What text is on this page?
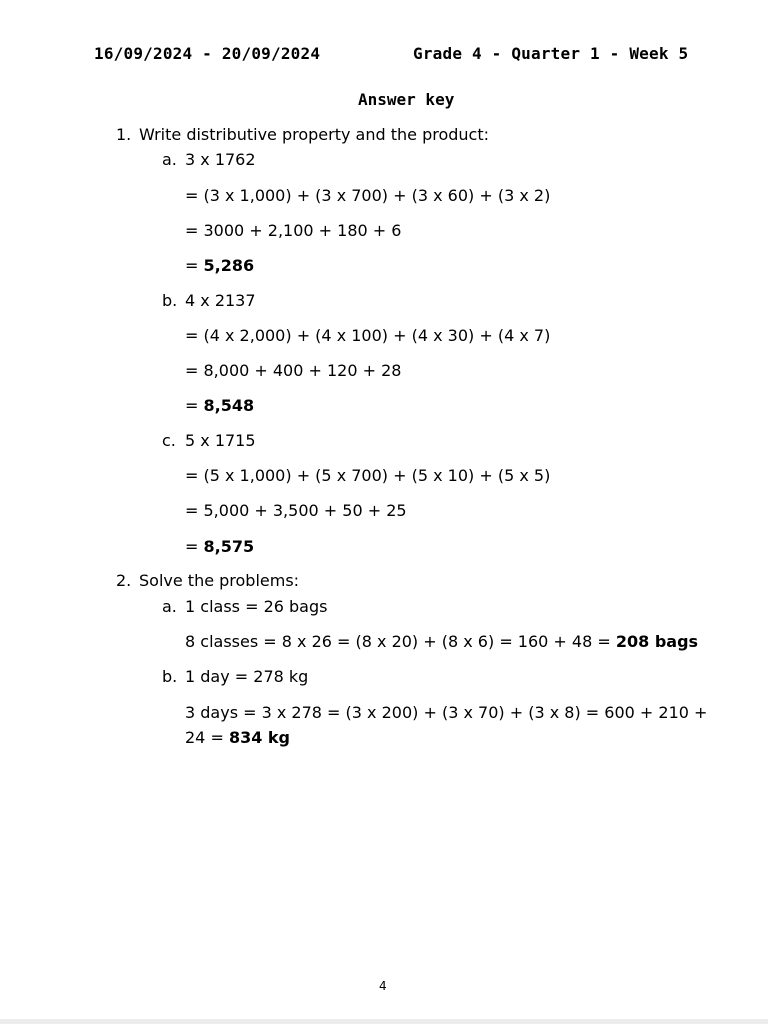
16/09/2024 - 20/09/2024	Grade 4 - Quarter 1 - Week 5
Answer key
1. Write distributive property and the product:
a. 3 x 1762
= (3 x 1,000) + (3 x 700) + (3 x 60) + (3 x 2)
= 3000 + 2,100 + 180 + 6
= 5,286
b. 4 x 2137
= (4 x 2,000) + (4 x 100) + (4 x 30) + (4 x 7)
= 8,000 + 400 + 120 + 28
= 8,548
c. 5 x 1715
= (5 x 1,000) + (5 x 700) + (5 x 10) + (5 x 5)
= 5,000 + 3,500 + 50 + 25
= 8,575
2. Solve the problems:
a. 1 class = 26 bags
8 classes = 8 x 26 = (8 x 20) + (8 x 6) = 160 + 48 = 208 bags
b. 1 day = 278 kg
3 days = 3 x 278 = (3 x 200) + (3 x 70) + (3 x 8) = 600 + 210 +
24 = 834 kg
4
